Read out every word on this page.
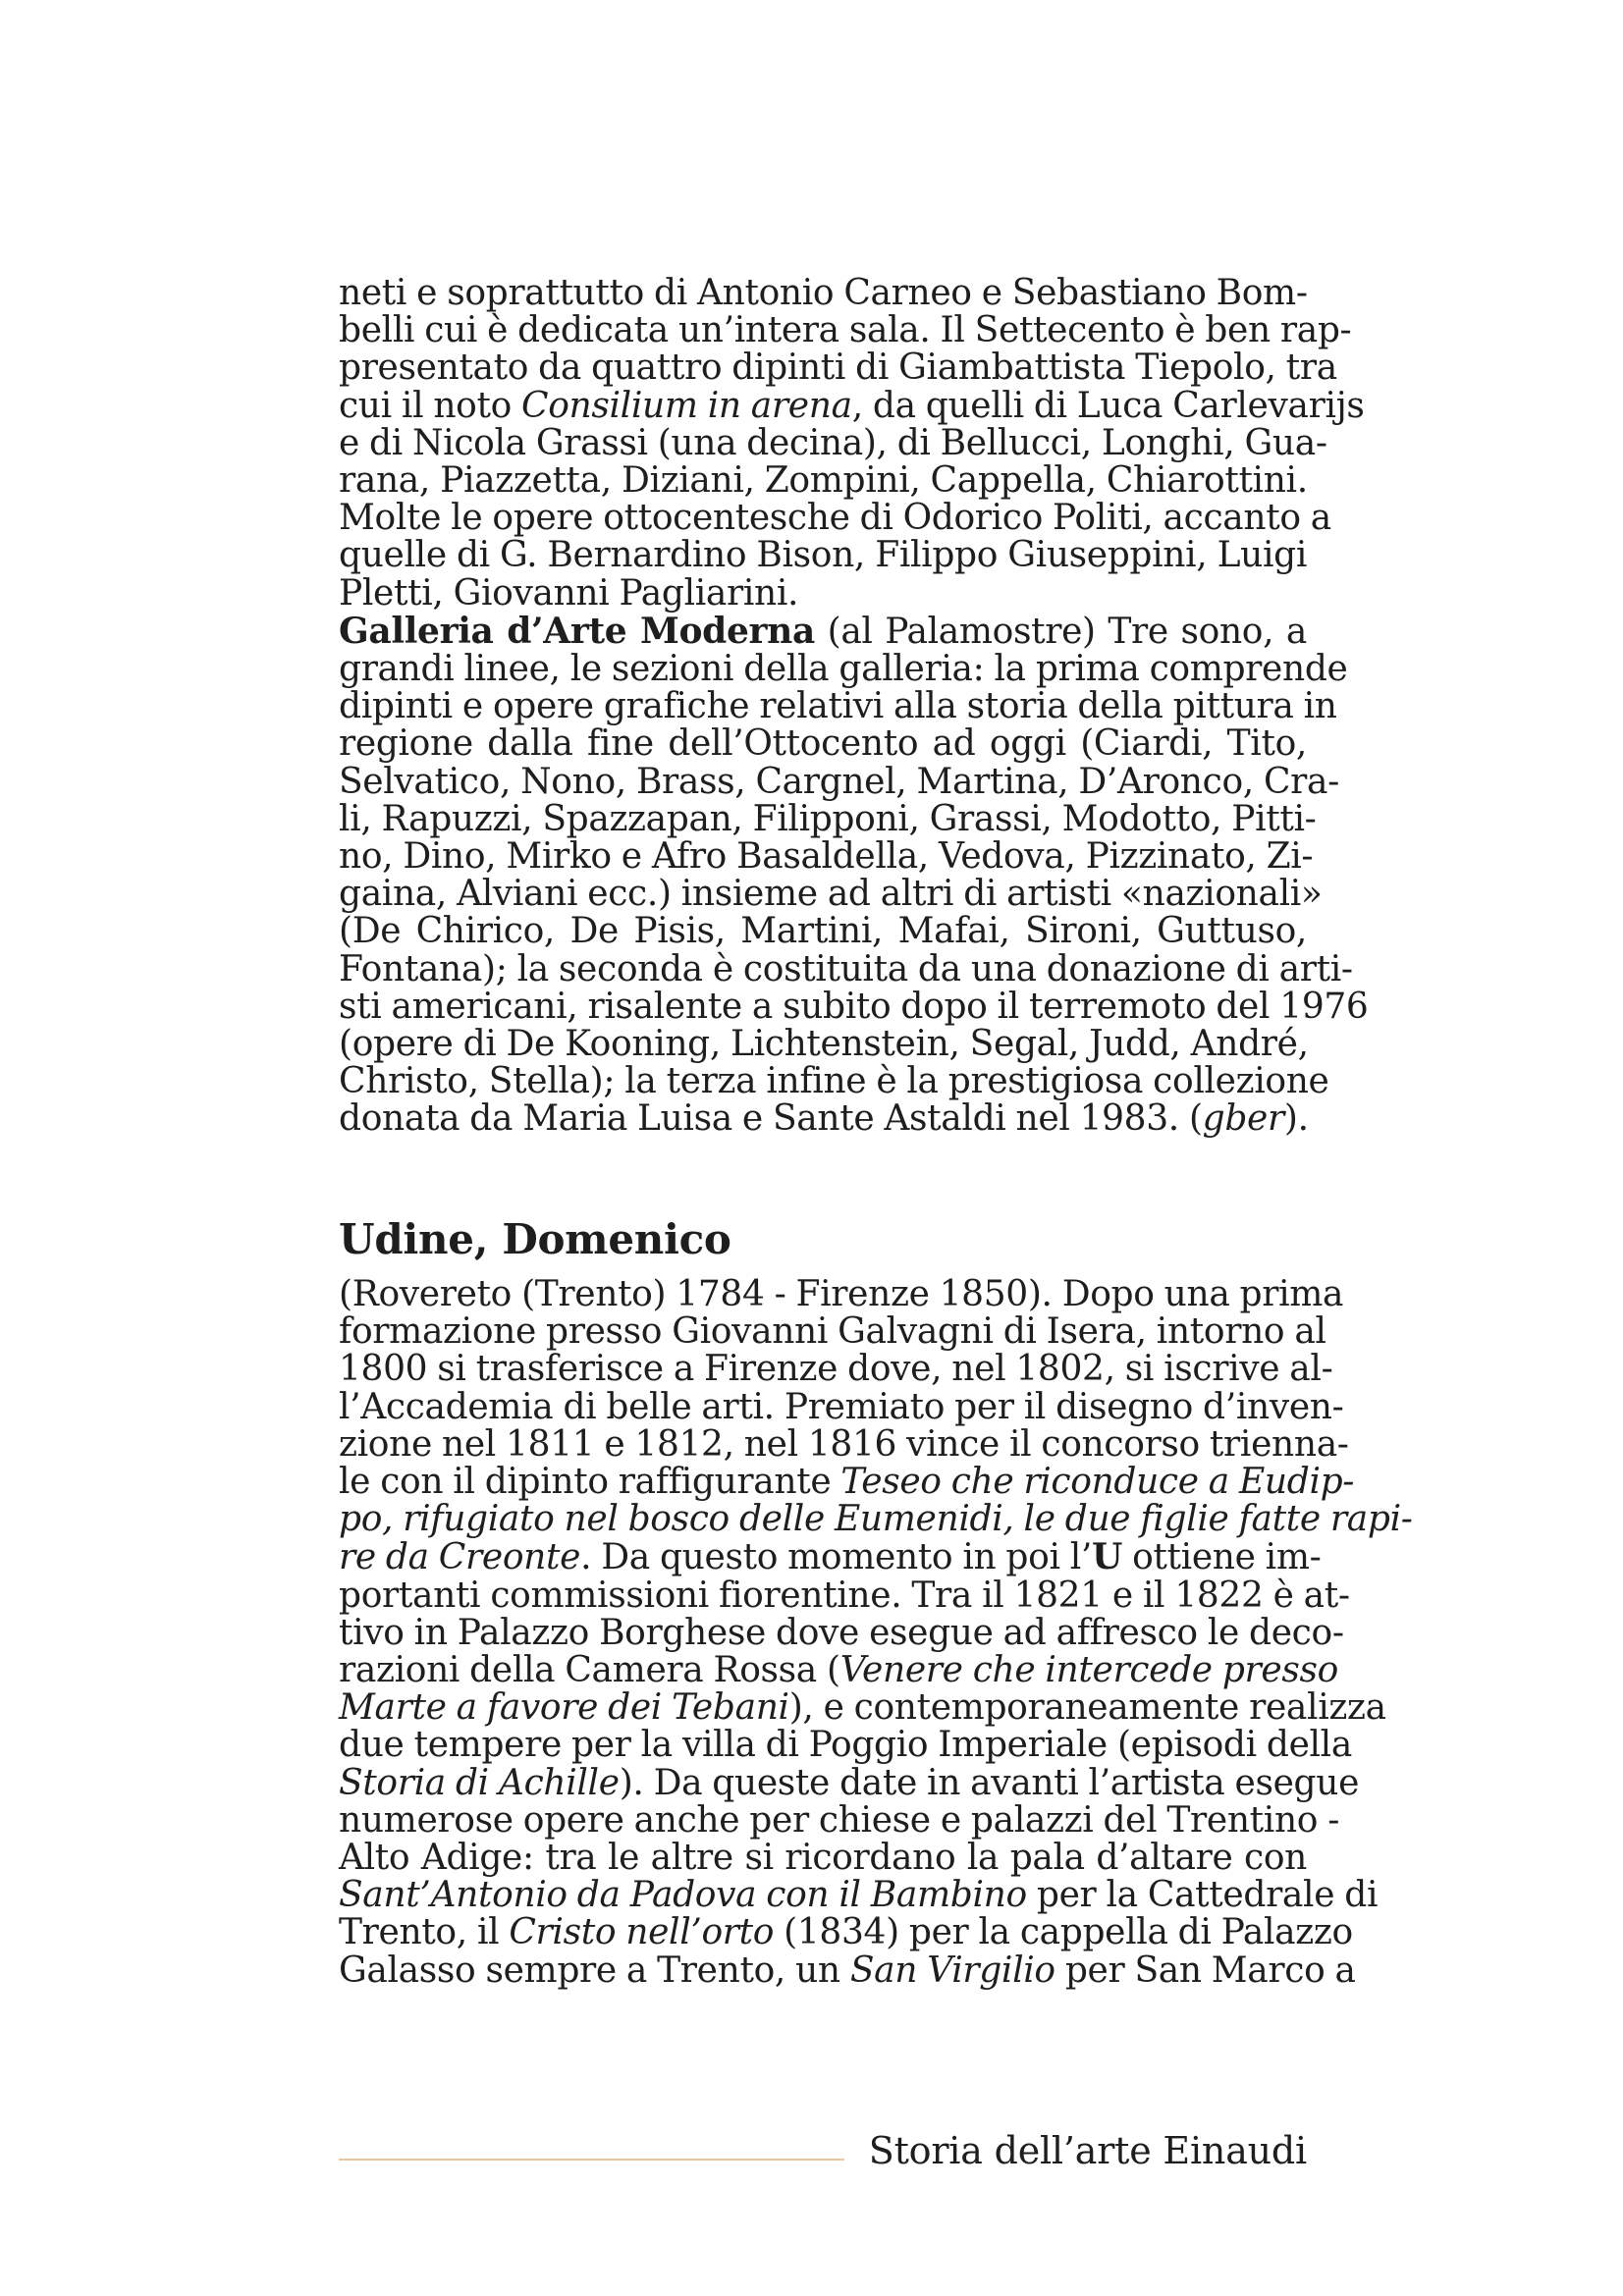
neti e soprattutto di Antonio Carneo e Sebastiano Bom-
belli cui è dedicata un’intera sala. Il Settecento è ben rap-
presentato da quattro dipinti di Giambattista Tiepolo, tra
cui il noto Consilium in arena, da quelli di Luca Carlevarijs
e di Nicola Grassi (una decina), di Bellucci, Longhi, Gua-
rana, Piazzetta, Diziani, Zompini, Cappella, Chiarottini.
Molte le opere ottocentesche di Odorico Politi, accanto a
quelle di G. Bernardino Bison, Filippo Giuseppini, Luigi
Pletti, Giovanni Pagliarini.
Galleria d’Arte Moderna (al Palamostre) Tre sono, a
grandi linee, le sezioni della galleria: la prima comprende
dipinti e opere grafiche relativi alla storia della pittura in
regione dalla fine dell’Ottocento ad oggi (Ciardi, Tito,
Selvatico, Nono, Brass, Cargnel, Martina, D’Aronco, Cra-
li, Rapuzzi, Spazzapan, Filipponi, Grassi, Modotto, Pitti-
no, Dino, Mirko e Afro Basaldella, Vedova, Pizzinato, Zi-
gaina, Alviani ecc.) insieme ad altri di artisti «nazionali»
(De Chirico, De Pisis, Martini, Mafai, Sironi, Guttuso,
Fontana); la seconda è costituita da una donazione di arti-
sti americani, risalente a subito dopo il terremoto del 1976
(opere di De Kooning, Lichtenstein, Segal, Judd, André,
Christo, Stella); la terza infine è la prestigiosa collezione
donata da Maria Luisa e Sante Astaldi nel 1983. (gber).
Udine, Domenico
(Rovereto (Trento) 1784 - Firenze 1850). Dopo una prima
formazione presso Giovanni Galvagni di Isera, intorno al
1800 si trasferisce a Firenze dove, nel 1802, si iscrive al-
l’Accademia di belle arti. Premiato per il disegno d’inven-
zione nel 1811 e 1812, nel 1816 vince il concorso trienna-
le con il dipinto raffigurante Teseo che riconduce a Eudip-
po, rifugiato nel bosco delle Eumenidi, le due figlie fatte rapi-
re da Creonte. Da questo momento in poi l’U ottiene im-
portanti commissioni fiorentine. Tra il 1821 e il 1822 è at-
tivo in Palazzo Borghese dove esegue ad affresco le deco-
razioni della Camera Rossa (Venere che intercede presso
Marte a favore dei Tebani), e contemporaneamente realizza
due tempere per la villa di Poggio Imperiale (episodi della
Storia di Achille). Da queste date in avanti l’artista esegue
numerose opere anche per chiese e palazzi del Trentino -
Alto Adige: tra le altre si ricordano la pala d’altare con
Sant’Antonio da Padova con il Bambino per la Cattedrale di
Trento, il Cristo nell’orto (1834) per la cappella di Palazzo
Galasso sempre a Trento, un San Virgilio per San Marco a
Storia dell’arte Einaudi
